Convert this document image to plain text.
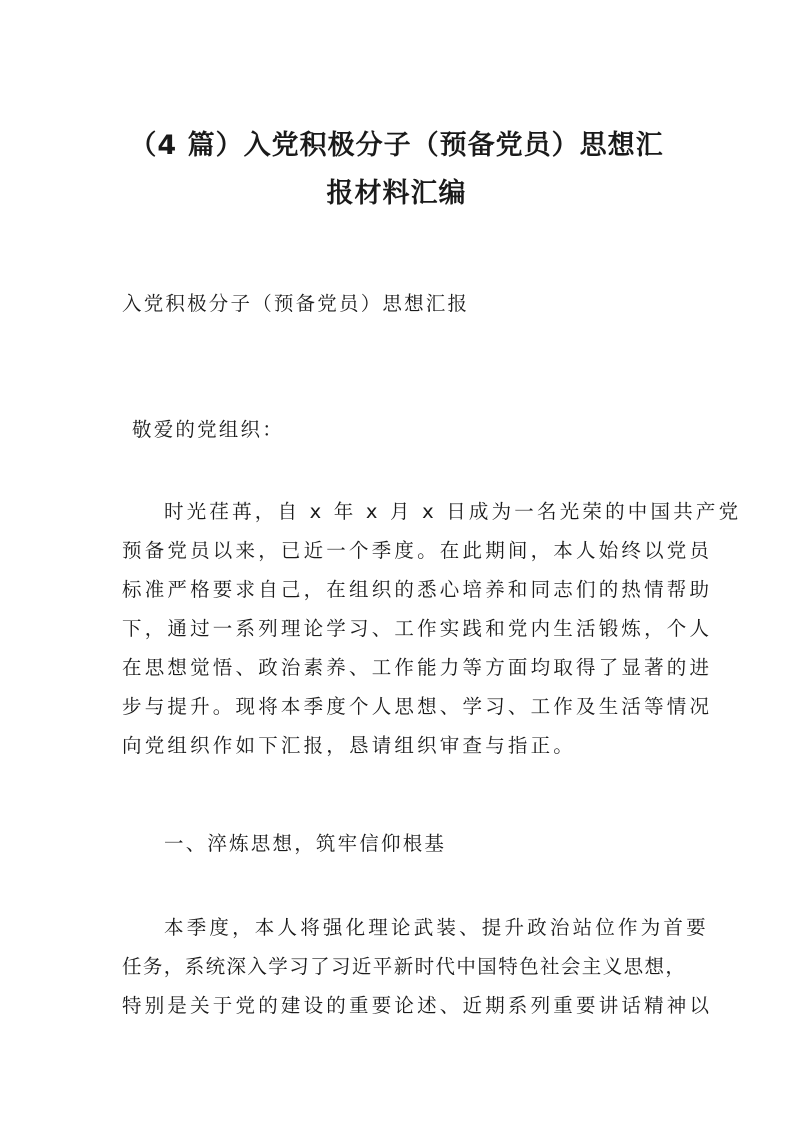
（4 篇）入党积极分子（预备党员）思想汇
报材料汇编

入党积极分子（预备党员）思想汇报

敬爱的党组织：

时光荏苒，自 x 年 x 月 x 日成为一名光荣的中国共产党

预备党员以来，已近一个季度。在此期间，本人始终以党员

标准严格要求自己，在组织的悉心培养和同志们的热情帮助

下，通过一系列理论学习、工作实践和党内生活锻炼，个人

在思想觉悟、政治素养、工作能力等方面均取得了显著的进

步与提升。现将本季度个人思想、学习、工作及生活等情况

向党组织作如下汇报，恳请组织审查与指正。

一、淬炼思想，筑牢信仰根基

本季度，本人将强化理论武装、提升政治站位作为首要

任务，系统深入学习了习近平新时代中国特色社会主义思想，

特别是关于党的建设的重要论述、近期系列重要讲话精神以
